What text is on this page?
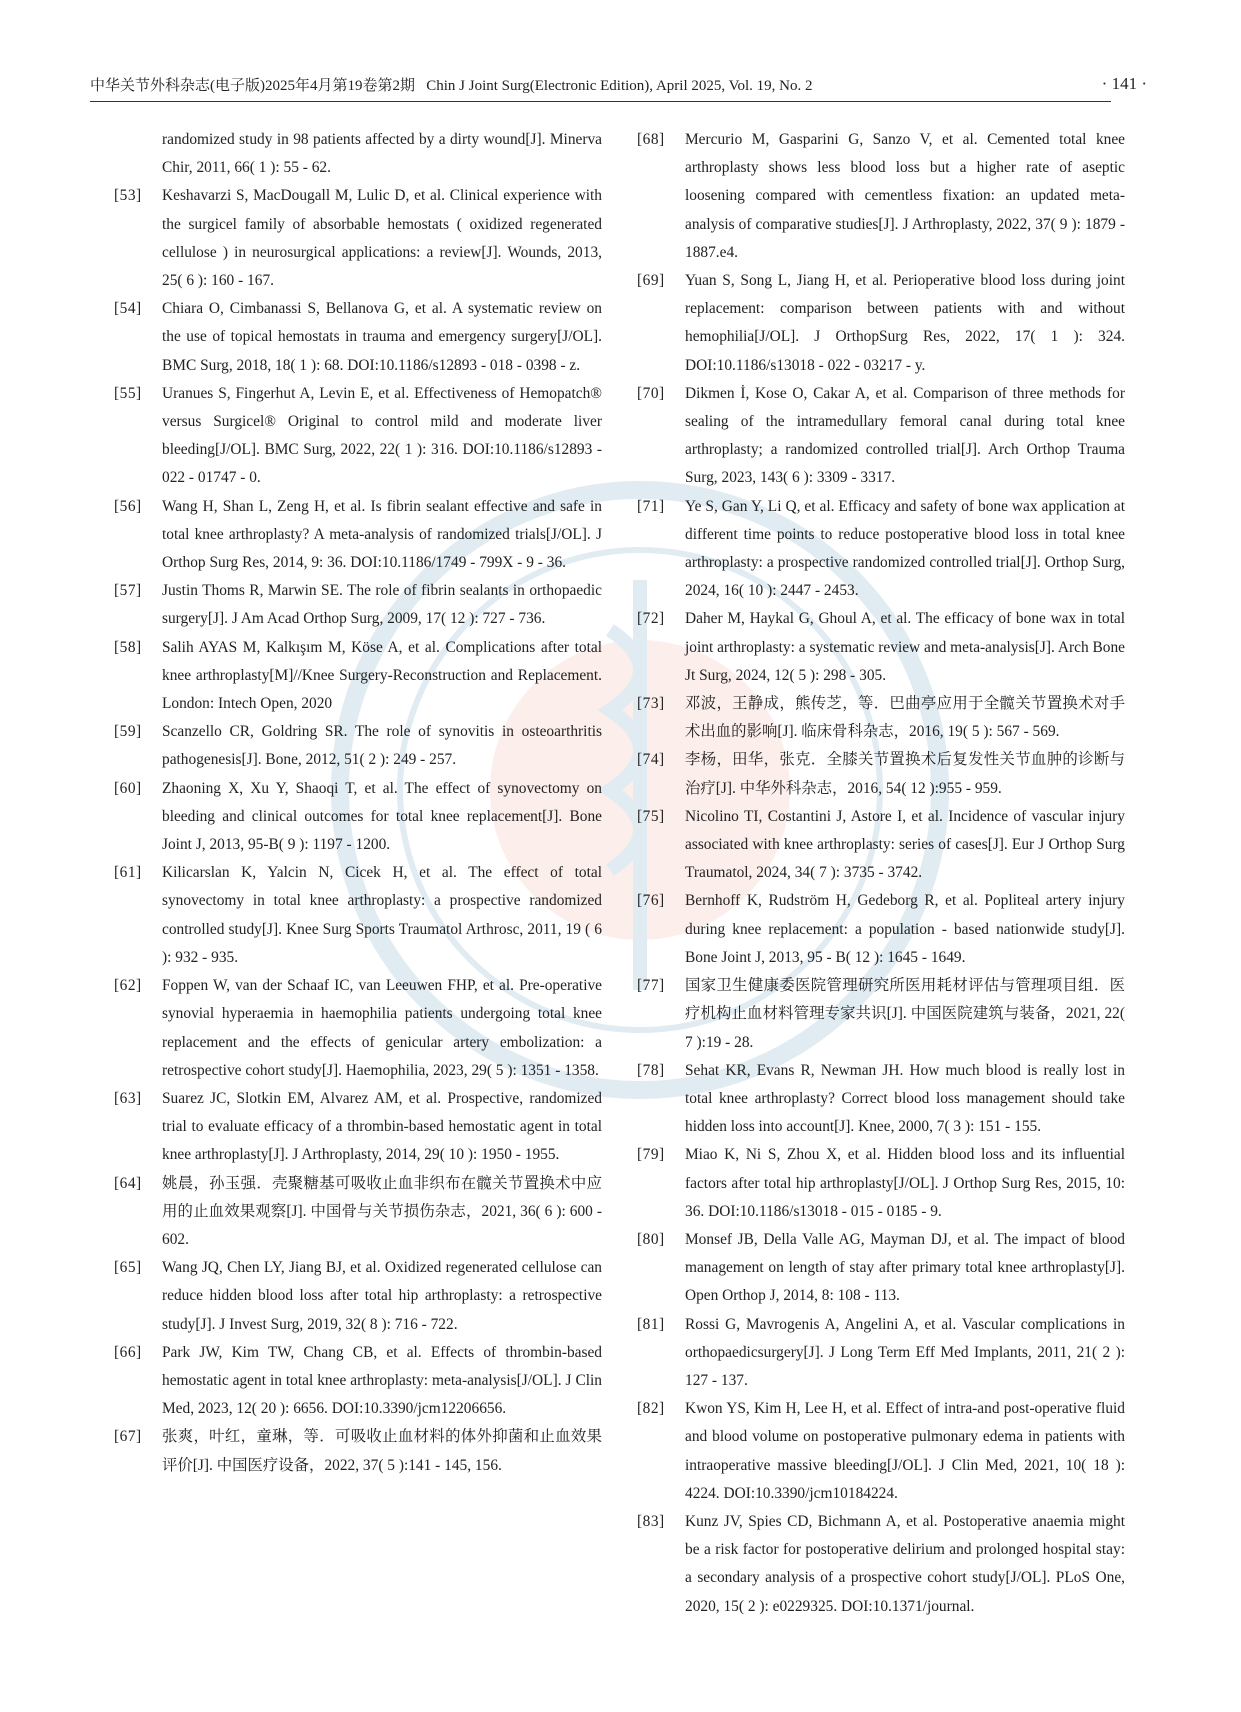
中华关节外科杂志(电子版)2025年4月第19卷第2期 Chin J Joint Surg(Electronic Edition), April 2025, Vol. 19, No. 2	· 141 ·
randomized study in 98 patients affected by a dirty wound[J]. Minerva Chir, 2011, 66( 1 ): 55 - 62.
[53] Keshavarzi S, MacDougall M, Lulic D, et al. Clinical experience with the surgicel family of absorbable hemostats ( oxidized regenerated cellulose ) in neurosurgical applications: a review[J]. Wounds, 2013, 25( 6 ): 160 - 167.
[54] Chiara O, Cimbanassi S, Bellanova G, et al. A systematic review on the use of topical hemostats in trauma and emergency surgery[J/OL]. BMC Surg, 2018, 18( 1 ): 68. DOI:10.1186/s12893 - 018 - 0398 - z.
[55] Uranues S, Fingerhut A, Levin E, et al. Effectiveness of Hemopatch® versus Surgicel® Original to control mild and moderate liver bleeding[J/OL]. BMC Surg, 2022, 22( 1 ): 316. DOI:10.1186/s12893 - 022 - 01747 - 0.
[56] Wang H, Shan L, Zeng H, et al. Is fibrin sealant effective and safe in total knee arthroplasty? A meta-analysis of randomized trials[J/OL]. J Orthop Surg Res, 2014, 9: 36. DOI:10.1186/1749 - 799X - 9 - 36.
[57] Justin Thoms R, Marwin SE. The role of fibrin sealants in orthopaedic surgery[J]. J Am Acad Orthop Surg, 2009, 17( 12 ): 727 - 736.
[58] Salih AYAS M, Kalkışım M, Köse A, et al. Complications after total knee arthroplasty[M]//Knee Surgery-Reconstruction and Replacement. London: Intech Open, 2020
[59] Scanzello CR, Goldring SR. The role of synovitis in osteoarthritis pathogenesis[J]. Bone, 2012, 51( 2 ): 249 - 257.
[60] Zhaoning X, Xu Y, Shaoqi T, et al. The effect of synovectomy on bleeding and clinical outcomes for total knee replacement[J]. Bone Joint J, 2013, 95-B( 9 ): 1197 - 1200.
[61] Kilicarslan K, Yalcin N, Cicek H, et al. The effect of total synovectomy in total knee arthroplasty: a prospective randomized controlled study[J]. Knee Surg Sports Traumatol Arthrosc, 2011, 19 ( 6 ): 932 - 935.
[62] Foppen W, van der Schaaf IC, van Leeuwen FHP, et al. Pre-operative synovial hyperaemia in haemophilia patients undergoing total knee replacement and the effects of genicular artery embolization: a retrospective cohort study[J]. Haemophilia, 2023, 29( 5 ): 1351 - 1358.
[63] Suarez JC, Slotkin EM, Alvarez AM, et al. Prospective, randomized trial to evaluate efficacy of a thrombin-based hemostatic agent in total knee arthroplasty[J]. J Arthroplasty, 2014, 29( 10 ): 1950 - 1955.
[64] 姚晨，孙玉强．壳聚糖基可吸收止血非织布在髋关节置换术中应用的止血效果观察[J]. 中国骨与关节损伤杂志，2021, 36( 6 ): 600 - 602.
[65] Wang JQ, Chen LY, Jiang BJ, et al. Oxidized regenerated cellulose can reduce hidden blood loss after total hip arthroplasty: a retrospective study[J]. J Invest Surg, 2019, 32( 8 ): 716 - 722.
[66] Park JW, Kim TW, Chang CB, et al. Effects of thrombin-based hemostatic agent in total knee arthroplasty: meta-analysis[J/OL]. J Clin Med, 2023, 12( 20 ): 6656. DOI:10.3390/jcm12206656.
[67] 张爽，叶红，童琳，等．可吸收止血材料的体外抑菌和止血效果评价[J]. 中国医疗设备，2022, 37( 5 ):141 - 145, 156.
[68] Mercurio M, Gasparini G, Sanzo V, et al. Cemented total knee arthroplasty shows less blood loss but a higher rate of aseptic loosening compared with cementless fixation: an updated meta-analysis of comparative studies[J]. J Arthroplasty, 2022, 37( 9 ): 1879 - 1887.e4.
[69] Yuan S, Song L, Jiang H, et al. Perioperative blood loss during joint replacement: comparison between patients with and without hemophilia[J/OL]. J OrthopSurg Res, 2022, 17( 1 ): 324. DOI:10.1186/s13018 - 022 - 03217 - y.
[70] Dikmen İ, Kose O, Cakar A, et al. Comparison of three methods for sealing of the intramedullary femoral canal during total knee arthroplasty; a randomized controlled trial[J]. Arch Orthop Trauma Surg, 2023, 143( 6 ): 3309 - 3317.
[71] Ye S, Gan Y, Li Q, et al. Efficacy and safety of bone wax application at different time points to reduce postoperative blood loss in total knee arthroplasty: a prospective randomized controlled trial[J]. Orthop Surg, 2024, 16( 10 ): 2447 - 2453.
[72] Daher M, Haykal G, Ghoul A, et al. The efficacy of bone wax in total joint arthroplasty: a systematic review and meta-analysis[J]. Arch Bone Jt Surg, 2024, 12( 5 ): 298 - 305.
[73] 邓波，王静成，熊传芝，等．巴曲亭应用于全髋关节置换术对手术出血的影响[J]. 临床骨科杂志，2016, 19( 5 ): 567 - 569.
[74] 李杨，田华，张克．全膝关节置换术后复发性关节血肿的诊断与治疗[J]. 中华外科杂志，2016, 54( 12 ):955 - 959.
[75] Nicolino TI, Costantini J, Astore I, et al. Incidence of vascular injury associated with knee arthroplasty: series of cases[J]. Eur J Orthop Surg Traumatol, 2024, 34( 7 ): 3735 - 3742.
[76] Bernhoff K, Rudström H, Gedeborg R, et al. Popliteal artery injury during knee replacement: a population - based nationwide study[J]. Bone Joint J, 2013, 95 - B( 12 ): 1645 - 1649.
[77] 国家卫生健康委医院管理研究所医用耗材评估与管理项目组．医疗机构止血材料管理专家共识[J]. 中国医院建筑与装备，2021, 22( 7 ):19 - 28.
[78] Sehat KR, Evans R, Newman JH. How much blood is really lost in total knee arthroplasty? Correct blood loss management should take hidden loss into account[J]. Knee, 2000, 7( 3 ): 151 - 155.
[79] Miao K, Ni S, Zhou X, et al. Hidden blood loss and its influential factors after total hip arthroplasty[J/OL]. J Orthop Surg Res, 2015, 10: 36. DOI:10.1186/s13018 - 015 - 0185 - 9.
[80] Monsef JB, Della Valle AG, Mayman DJ, et al. The impact of blood management on length of stay after primary total knee arthroplasty[J]. Open Orthop J, 2014, 8: 108 - 113.
[81] Rossi G, Mavrogenis A, Angelini A, et al. Vascular complications in orthopaedicsurgery[J]. J Long Term Eff Med Implants, 2011, 21( 2 ): 127 - 137.
[82] Kwon YS, Kim H, Lee H, et al. Effect of intra-and post-operative fluid and blood volume on postoperative pulmonary edema in patients with intraoperative massive bleeding[J/OL]. J Clin Med, 2021, 10( 18 ): 4224. DOI:10.3390/jcm10184224.
[83] Kunz JV, Spies CD, Bichmann A, et al. Postoperative anaemia might be a risk factor for postoperative delirium and prolonged hospital stay: a secondary analysis of a prospective cohort study[J/OL]. PLoS One, 2020, 15( 2 ): e0229325. DOI:10.1371/journal.
